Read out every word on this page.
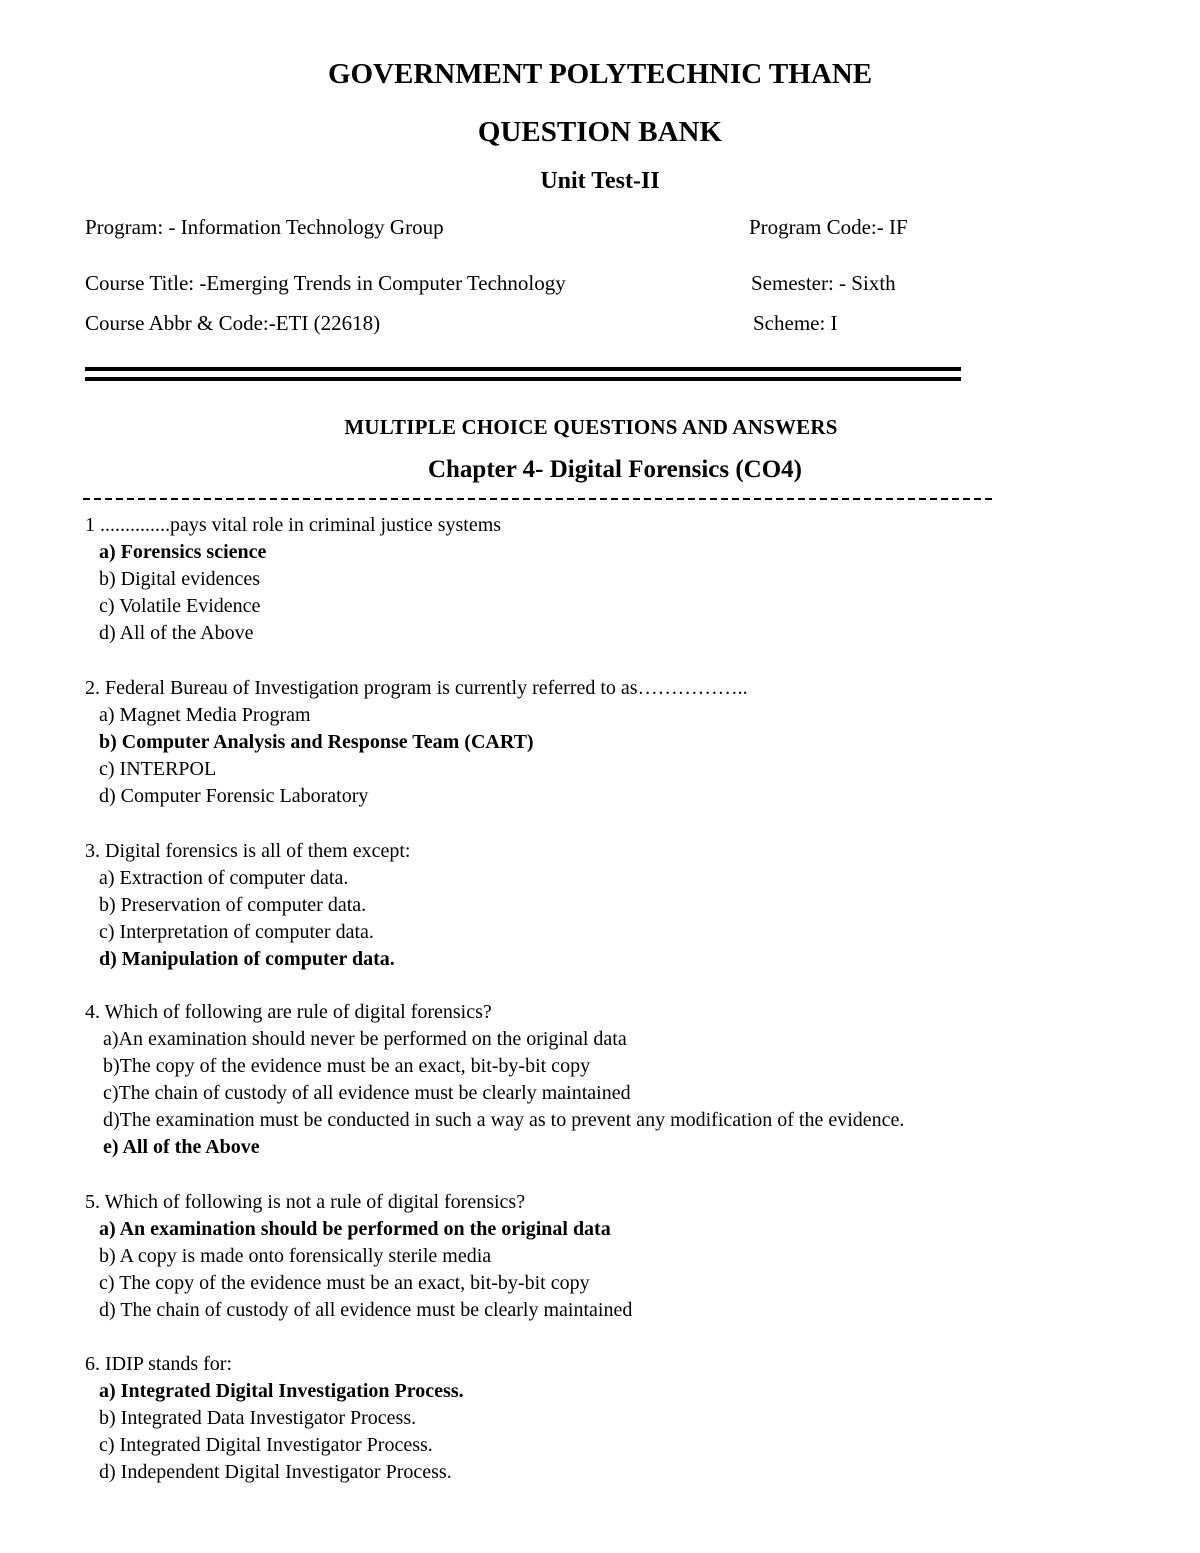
GOVERNMENT POLYTECHNIC THANE
QUESTION BANK
Unit Test-II
Program: - Information Technology Group	Program Code:- IF
Course Title: -Emerging Trends in Computer Technology	Semester: - Sixth
Course Abbr & Code:-ETI (22618)	Scheme: I
MULTIPLE CHOICE QUESTIONS AND ANSWERS
Chapter 4- Digital Forensics (CO4)
1 ..............pays vital role in criminal justice systems
a) Forensics science
b) Digital evidences
c) Volatile Evidence
d) All of the Above
2. Federal Bureau of Investigation program is currently referred to as……………..
a) Magnet Media Program
b) Computer Analysis and Response Team (CART)
c) INTERPOL
d) Computer Forensic Laboratory
3. Digital forensics is all of them except:
a) Extraction of computer data.
b) Preservation of computer data.
c) Interpretation of computer data.
d) Manipulation of computer data.
4. Which of following are rule of digital forensics?
a)An examination should never be performed on the original data
b)The copy of the evidence must be an exact, bit-by-bit copy
c)The chain of custody of all evidence must be clearly maintained
d)The examination must be conducted in such a way as to prevent any modification of the evidence.
e) All of the Above
5. Which of following is not a rule of digital forensics?
a) An examination should be performed on the original data
b) A copy is made onto forensically sterile media
c) The copy of the evidence must be an exact, bit-by-bit copy
d) The chain of custody of all evidence must be clearly maintained
6. IDIP stands for:
a) Integrated Digital Investigation Process.
b) Integrated Data Investigator Process.
c) Integrated Digital Investigator Process.
d) Independent Digital Investigator Process.
